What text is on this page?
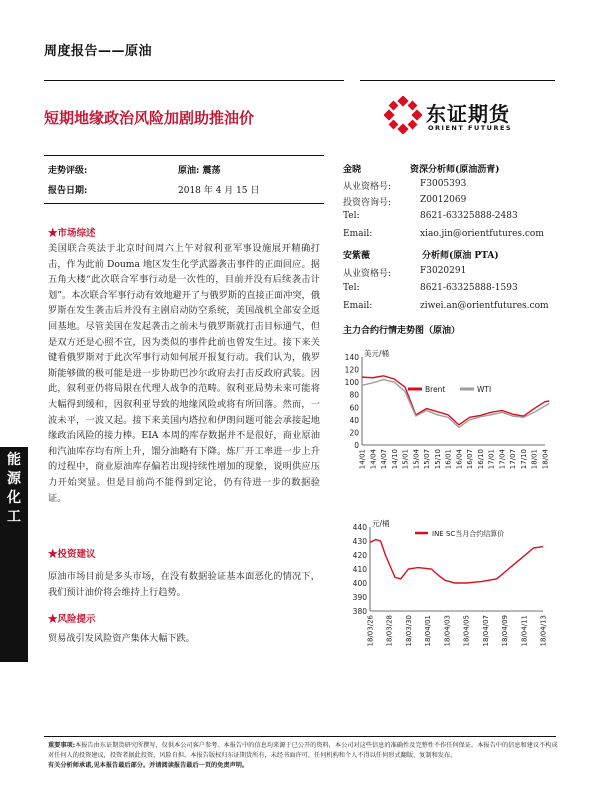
周度报告——原油
短期地缘政治风险加剧助推油价	东证期货
ORIENT FUTURES
走势评级:	原油: 震荡
报告日期:	2018 年 4 月 15 日
★市场综述
美国联合英法于北京时间周六上午对叙利亚军事设施展开精确打击，作为此前 Douma 地区发生化学武器袭击事件的正面回应。据五角大楼“此次联合军事行动是一次性的，目前并没有后续袭击计划”。本次联合军事行动有效地避开了与俄罗斯的直接正面冲突，俄罗斯在发生袭击后并没有主剧启动防空系统，美国战机全部安全返回基地。尽管美国在发起袭击之前未与俄罗斯就打击目标通气，但是双方还是心照不宣，因为类似的事件此前也曾发生过。接下来关键看俄罗斯对于此次军事行动如何展开报复行动。我们认为，俄罗斯能够做的极可能是进一步协助巴沙尔政府去打击反政府武装。因此，叙利亚仍将局限在代理人战争的范畴。叙利亚局势未来可能将大幅得到缓和，因叙利亚导致的地缘风险或将有所回落。然而，一波未平，一波又起。接下来美国内塔拉和伊朗问题可能会承接起地缘政治风险的接力棒。EIA 本周的库存数据并不是很好，商业原油和汽油库存均有所上升，馏分油略有下降。炼厂开工率进一步上升的过程中，商业原油库存偏若出现持续性增加的现象，说明供应压力开始突显。但是目前尚不能得到定论，仍有待进一步的数据验证。
★投资建议
原油市场目前是多头市场，在没有数据验证基本面恶化的情况下，我们预计油价将会维持上行趋势。
★风险提示
贸易战引发风险资产集体大幅下跌。
能源化工
金晓	资深分析师(原油沥青)
从业资格号:	F3005393
投资咨询号:	Z0012069
Tel:	8621-63325888-2483
Email:	xiao.jin@orientfutures.com
安紫薇	分析师(原油 PTA)
从业资格号:	F3020291
Tel:	8621-63325888-1593
Email:	ziwei.an@orientfutures.com
主力合约行情走势图（原油）
0
20
40
60
80
100
120
140
14/01 14/04 14/07 14/10 15/01 15/04 15/07 15/10 16/01 16/04 16/07 16/10 17/01 17/04 17/07 17/10 18/01 18/04
美元/桶
Brent	WTI
380
390
400
410
420
430
440
18/03/26 18/03/28 18/03/30 18/04/01 18/04/03 18/04/05 18/04/07 18/04/09 18/04/11 18/04/13
元/桶
INE SC当月合约结算价
重要事项:本报告由东证期货研究所撰写，仅供本公司客户参考。本报告中的信息均来源于已公开的资料，本公司对这些信息的准确性及完整性不作任何保证。本报告中的信息和建议不构成对任何人的投资建议，投资者据此投资，风险自担。本报告版权归东证期货所有，未经书面许可，任何机构和个人不得以任何形式翻版、复制和发布。
有关分析师承诺,见本报告最后部分。并请阅读报告最后一页的免责声明。
